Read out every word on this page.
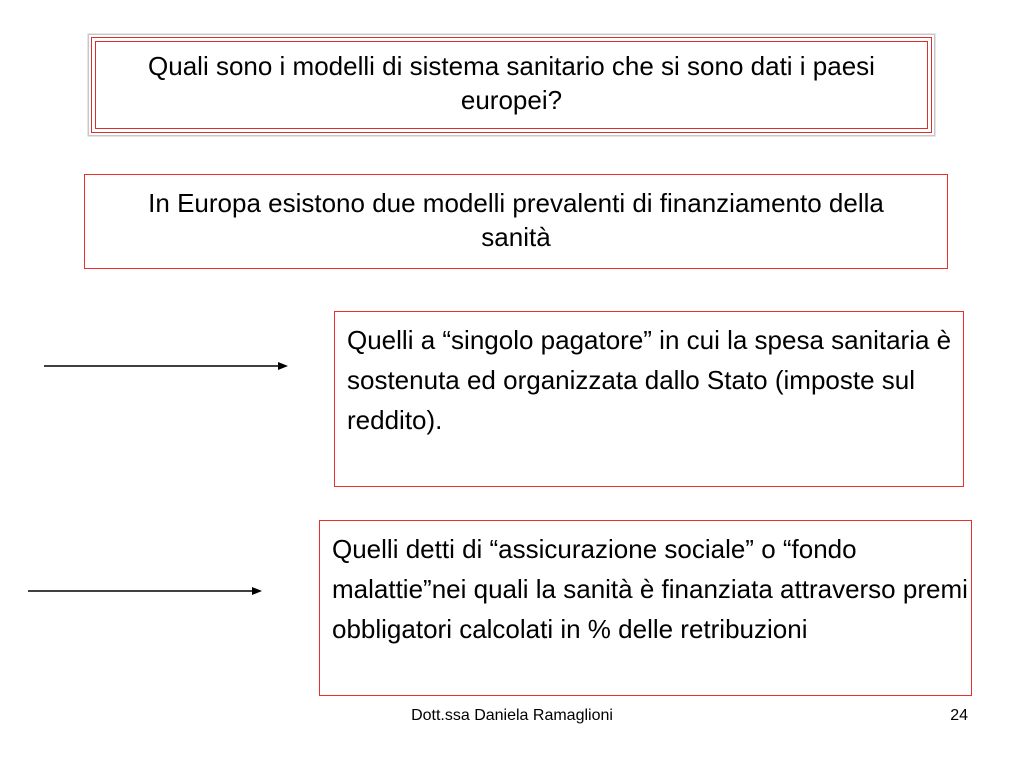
Quali sono i modelli di sistema sanitario che si sono dati i paesi europei?
In Europa esistono due modelli prevalenti di finanziamento della sanità
Quelli a “singolo pagatore” in cui la spesa sanitaria è sostenuta ed organizzata dallo Stato (imposte sul reddito).
Quelli detti di “assicurazione sociale” o “fondo malattie”nei quali la sanità è finanziata attraverso premi obbligatori calcolati in % delle retribuzioni
Dott.ssa Daniela Ramaglioni	24
